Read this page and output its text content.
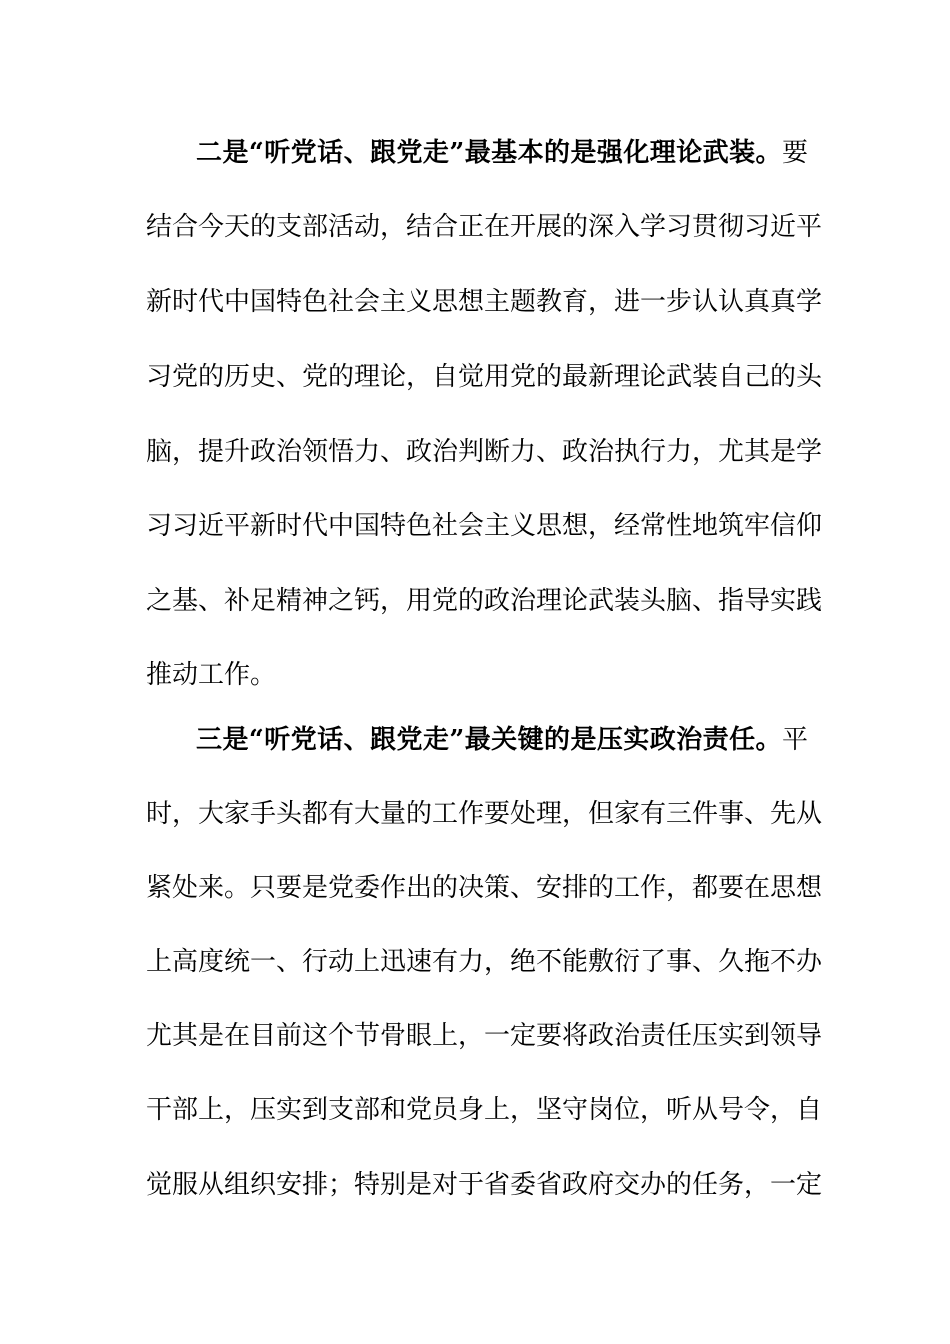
二是“听党话、跟党走”最基本的是强化理论武装。要
结合今天的支部活动，结合正在开展的深入学习贯彻习近平
新时代中国特色社会主义思想主题教育，进一步认认真真学
习党的历史、党的理论，自觉用党的最新理论武装自己的头
脑，提升政治领悟力、政治判断力、政治执行力，尤其是学
习习近平新时代中国特色社会主义思想，经常性地筑牢信仰
之基、补足精神之钙，用党的政治理论武装头脑、指导实践
推动工作。
三是“听党话、跟党走”最关键的是压实政治责任。平
时，大家手头都有大量的工作要处理，但家有三件事、先从
紧处来。只要是党委作出的决策、安排的工作，都要在思想
上高度统一、行动上迅速有力，绝不能敷衍了事、久拖不办
尤其是在目前这个节骨眼上，一定要将政治责任压实到领导
干部上，压实到支部和党员身上，坚守岗位，听从号令，自
觉服从组织安排；特别是对于省委省政府交办的任务，一定
